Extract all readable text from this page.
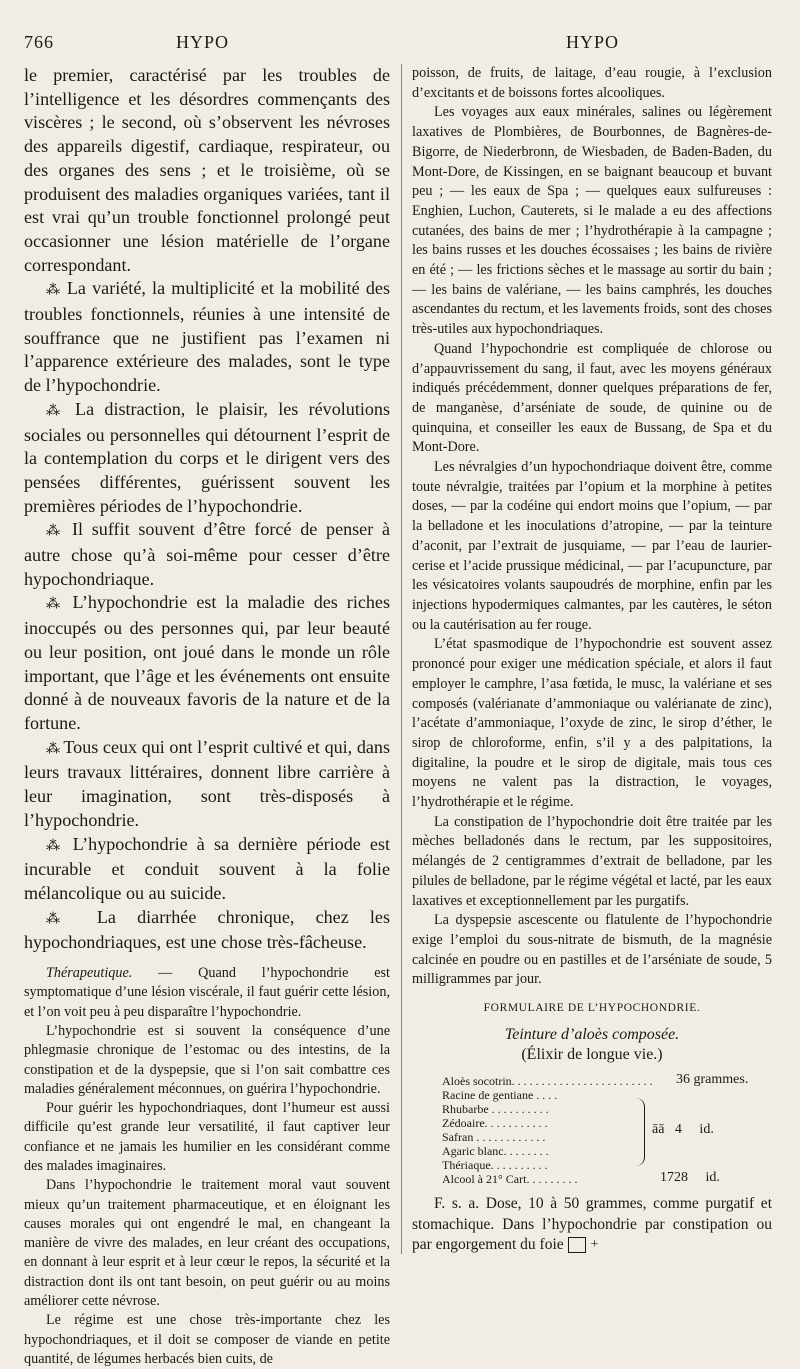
766	HYPO	HYPO

le premier, caractérisé par les troubles de l’intelligence et les désordres commençants des viscères ; le second, où s’observent les névroses des appareils digestif, cardiaque, respirateur, ou des organes des sens ; et le troisième, où se produisent des maladies organiques variées, tant il est vrai qu’un trouble fonctionnel prolongé peut occasionner une lésion matérielle de l’organe correspondant.

⁂ La variété, la multiplicité et la mobilité des troubles fonctionnels, réunies à une intensité de souffrance que ne justifient pas l’examen ni l’apparence extérieure des malades, sont le type de l’hypochondrie.

⁂ La distraction, le plaisir, les révolutions sociales ou personnelles qui détournent l’esprit de la contemplation du corps et le dirigent vers des pensées différentes, guérissent souvent les premières périodes de l’hypochondrie.

⁂ Il suffit souvent d’être forcé de penser à autre chose qu’à soi-même pour cesser d’être hypochondriaque.

⁂ L’hypochondrie est la maladie des riches inoccupés ou des personnes qui, par leur beauté ou leur position, ont joué dans le monde un rôle important, que l’âge et les événements ont ensuite donné à de nouveaux favoris de la nature et de la fortune.

⁂ Tous ceux qui ont l’esprit cultivé et qui, dans leurs travaux littéraires, donnent libre carrière à leur imagination, sont très-disposés à l’hypochondrie.

⁂ L’hypochondrie à sa dernière période est incurable et conduit souvent à la folie mélancolique ou au suicide.

⁂ La diarrhée chronique, chez les hypochondriaques, est une chose très-fâcheuse.

Thérapeutique. — Quand l’hypochondrie est symptomatique d’une lésion viscérale, il faut guérir cette lésion, et l’on voit peu à peu disparaître l’hypochondrie.

L’hypochondrie est si souvent la conséquence d’une phlegmasie chronique de l’estomac ou des intestins, de la constipation et de la dyspepsie, que si l’on sait combattre ces maladies généralement méconnues, on guérira l’hypochondrie.

Pour guérir les hypochondriaques, dont l’humeur est aussi difficile qu’est grande leur versatilité, il faut captiver leur confiance et ne jamais les humilier en les considérant comme des malades imaginaires.

Dans l’hypochondrie le traitement moral vaut souvent mieux qu’un traitement pharmaceutique, et en éloignant les causes morales qui ont engendré le mal, en changeant la manière de vivre des malades, en leur créant des occupations, en donnant à leur esprit et à leur cœur le repos, la sécurité et la distraction dont ils ont tant besoin, on peut guérir ou au moins améliorer cette névrose.

Le régime est une chose très-importante chez les hypochondriaques, et il doit se composer de viande en petite quantité, de légumes herbacés bien cuits, de

poisson, de fruits, de laitage, d’eau rougie, à l’exclusion d’excitants et de boissons fortes alcooliques.

Les voyages aux eaux minérales, salines ou légèrement laxatives de Plombières, de Bourbonnes, de Bagnères-de-Bigorre, de Niederbronn, de Wiesbaden, de Baden-Baden, du Mont-Dore, de Kissingen, en se baignant beaucoup et buvant peu ; — les eaux de Spa ; — quelques eaux sulfureuses : Enghien, Luchon, Cauterets, si le malade a eu des affections cutanées, des bains de mer ; l’hydrothérapie à la campagne ; les bains russes et les douches écossaises ; les bains de rivière en été ; — les frictions sèches et le massage au sortir du bain ; — les bains de valériane, — les bains camphrés, les douches ascendantes du rectum, et les lavements froids, sont des choses très-utiles aux hypochondriaques.

Quand l’hypochondrie est compliquée de chlorose ou d’appauvrissement du sang, il faut, avec les moyens généraux indiqués précédemment, donner quelques préparations de fer, de manganèse, d’arséniate de soude, de quinine ou de quinquina, et conseiller les eaux de Bussang, de Spa et du Mont-Dore.

Les névralgies d’un hypochondriaque doivent être, comme toute névralgie, traitées par l’opium et la morphine à petites doses, — par la codéine qui endort moins que l’opium, — par la belladone et les inoculations d’atropine, — par la teinture d’aconit, par l’extrait de jusquiame, — par l’eau de laurier-cerise et l’acide prussique médicinal, — par l’acupuncture, par les vésicatoires volants saupoudrés de morphine, enfin par les injections hypodermiques calmantes, par les cautères, le séton ou la cautérisation au fer rouge.

L’état spasmodique de l’hypochondrie est souvent assez prononcé pour exiger une médication spéciale, et alors il faut employer le camphre, l’asa fœtida, le musc, la valériane et ses composés (valérianate d’ammoniaque ou valérianate de zinc), l’acétate d’ammoniaque, l’oxyde de zinc, le sirop d’éther, le sirop de chloroforme, enfin, s’il y a des palpitations, la digitaline, la poudre et le sirop de digitale, mais tous ces moyens ne valent pas la distraction, le voyages, l’hydrothérapie et le régime.

La constipation de l’hypochondrie doit être traitée par les mèches belladonés dans le rectum, par les suppositoires, mélangés de 2 centigrammes d’extrait de belladone, par les pilules de belladone, par le régime végétal et lacté, par les eaux laxatives et exceptionnellement par les purgatifs.

La dyspepsie ascescente ou flatulente de l’hypochondrie exige l’emploi du sous-nitrate de bismuth, de la magnésie calcinée en poudre ou en pastilles et de l’arséniate de soude, 5 milligrammes par jour.

FORMULAIRE DE L’HYPOCHONDRIE.

Teinture d’aloès composée.

(Élixir de longue vie.)

Aloès socotrin. . . . . . . . . . . . . . . . . . . . . . . . 36 grammes.
Racine de gentiane . . . .
Rhubarbe . . . . . . . . . .
Zédoaire. . . . . . . . . . .
Safran . . . . . . . . . . . .
Agaric blanc. . . . . . . .
Thériaque. . . . . . . . . .
āā   4     id.
Alcool à 21° Cart. . . . . . . . .	1728     id.

F. s. a. Dose, 10 à 50 grammes, comme purgatif et stomachique. Dans l’hypochondrie par constipation ou par engorgement du foie +
